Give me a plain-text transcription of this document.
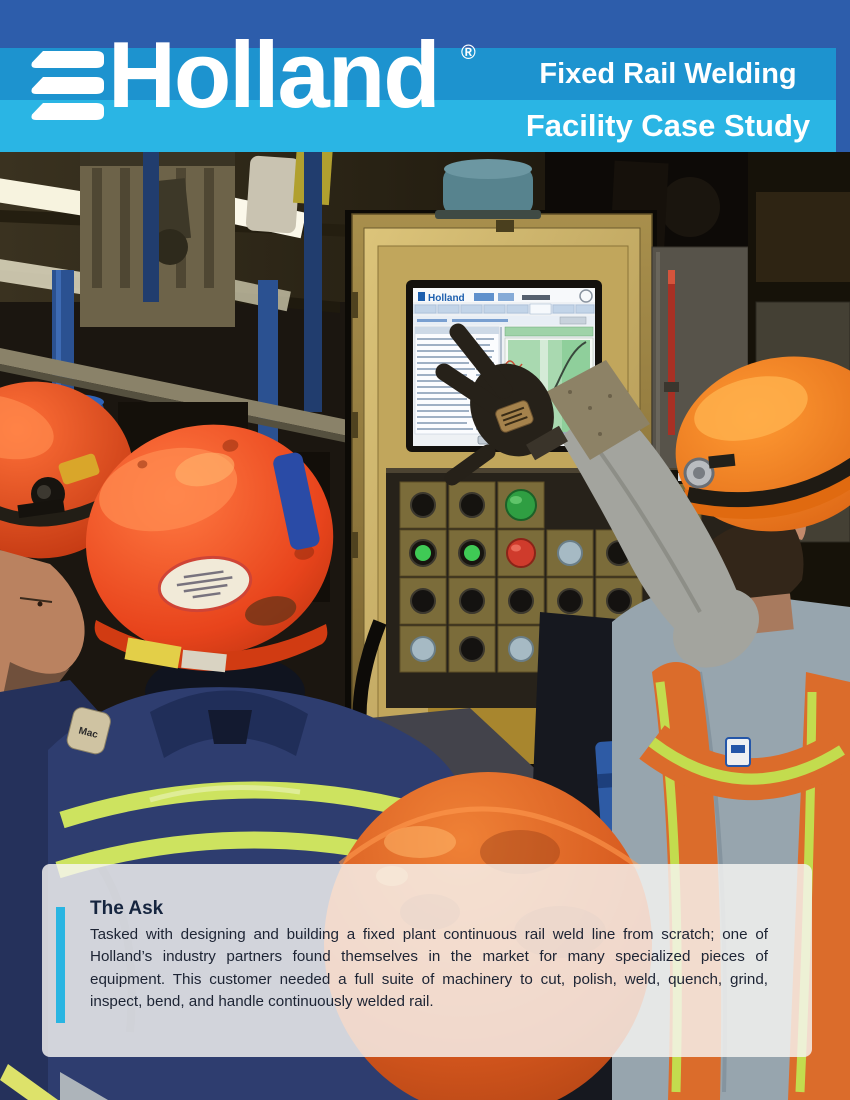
Holland ®
Fixed Rail Welding
Facility Case Study
Holland
Mac

The Ask

Tasked with designing and building a fixed plant continuous rail weld line from scratch; one of Holland’s industry partners found themselves in the market for many specialized pieces of equipment. This customer needed a full suite of machinery to cut, polish, weld, quench, grind, inspect, bend, and handle continuously welded rail.
